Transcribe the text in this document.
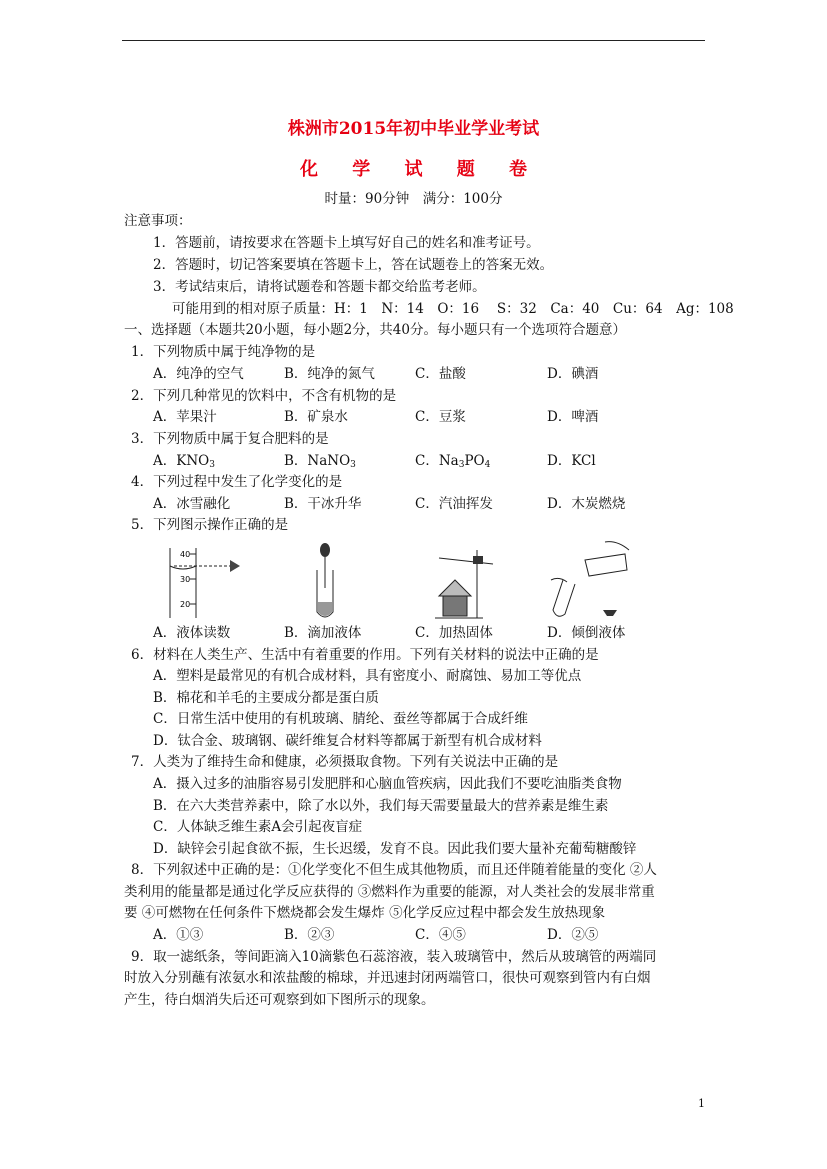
株洲市2015年初中毕业学业考试
化 学 试 题 卷
时量：90分钟　满分：100分
注意事项：
1．答题前，请按要求在答题卡上填写好自己的姓名和准考证号。
2．答题时，切记答案要填在答题卡上，答在试题卷上的答案无效。
3．考试结束后，请将试题卷和答题卡都交给监考老师。
可能用到的相对原子质量：H：1　N：14　O：16　 S：32　Ca：40　Cu：64　Ag：108
一、选择题（本题共20小题，每小题2分，共40分。每小题只有一个选项符合题意）
1．下列物质中属于纯净物的是
A．纯净的空气	B．纯净的氮气	C．盐酸	D．碘酒
2．下列几种常见的饮料中，不含有机物的是
A．苹果汁	B．矿泉水	C．豆浆	D．啤酒
3．下列物质中属于复合肥料的是
A．$KNO_3$	B．NaNO$_3$	C．$Na_3PO_4$	D．KCl
4．下列过程中发生了化学变化的是
A．冰雪融化	B．干冰升华	C．汽油挥发	D．木炭燃烧
5．下列图示操作正确的是
40
30
20
A．液体读数	B．滴加液体	C．加热固体	D．倾倒液体
6．材料在人类生产、生活中有着重要的作用。下列有关材料的说法中正确的是
A．塑料是最常见的有机合成材料，具有密度小、耐腐蚀、易加工等优点
B．棉花和羊毛的主要成分都是蛋白质
C．日常生活中使用的有机玻璃、腈纶、蚕丝等都属于合成纤维
D．钛合金、玻璃钢、碳纤维复合材料等都属于新型有机合成材料
7．人类为了维持生命和健康，必须摄取食物。下列有关说法中正确的是
A．摄入过多的油脂容易引发肥胖和心脑血管疾病，因此我们不要吃油脂类食物
B．在六大类营养素中，除了水以外，我们每天需要量最大的营养素是维生素
C．人体缺乏维生素A会引起夜盲症
D．缺锌会引起食欲不振，生长迟缓，发育不良。因此我们要大量补充葡萄糖酸锌
8．下列叙述中正确的是：①化学变化不但生成其他物质，而且还伴随着能量的变化 ②人
类利用的能量都是通过化学反应获得的 ③燃料作为重要的能源，对人类社会的发展非常重
要 ④可燃物在任何条件下燃烧都会发生爆炸 ⑤化学反应过程中都会发生放热现象
A．①③	B．②③	C．④⑤	D．②⑤
9．取一滤纸条，等间距滴入10滴紫色石蕊溶液，装入玻璃管中，然后从玻璃管的两端同
时放入分别蘸有浓氨水和浓盐酸的棉球，并迅速封闭两端管口，很快可观察到管内有白烟
产生，待白烟消失后还可观察到如下图所示的现象。
1
